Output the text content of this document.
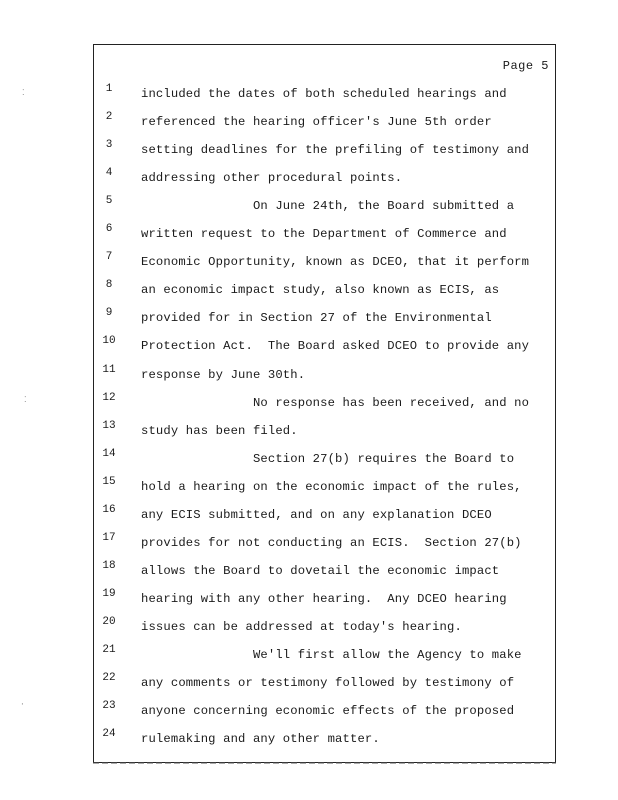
Page 5
1	included the dates of both scheduled hearings and
2	referenced the hearing officer's June 5th order
3	setting deadlines for the prefiling of testimony and
4	addressing other procedural points.
5	On June 24th, the Board submitted a
6	written request to the Department of Commerce and
7	Economic Opportunity, known as DCEO, that it perform
8	an economic impact study, also known as ECIS, as
9	provided for in Section 27 of the Environmental
10	Protection Act.  The Board asked DCEO to provide any
11	response by June 30th.
12	No response has been received, and no
13	study has been filed.
14	Section 27(b) requires the Board to
15	hold a hearing on the economic impact of the rules,
16	any ECIS submitted, and on any explanation DCEO
17	provides for not conducting an ECIS.  Section 27(b)
18	allows the Board to dovetail the economic impact
19	hearing with any other hearing.  Any DCEO hearing
20	issues can be addressed at today's hearing.
21	We'll first allow the Agency to make
22	any comments or testimony followed by testimony of
23	anyone concerning economic effects of the proposed
24	rulemaking and any other matter.
⁚
⁚
·
